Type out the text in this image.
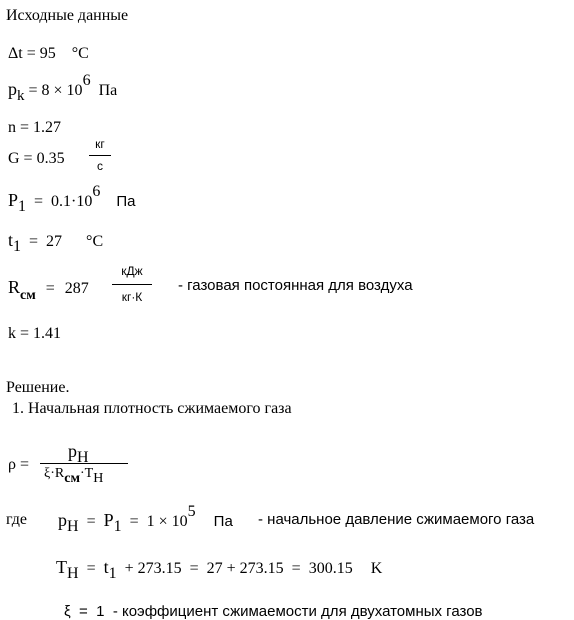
Исходные данные
Δt = 95 °C
$p_k = 8 \times 10^6$ Па
n = 1.27
G = 0.35
кг
с
$P_1 = 0.1\cdot 10^6$ Па
$t_1 = 27$ °C
$R_{см} = 287$
кДж
кг·К
- газовая постоянная для воздуха
k = 1.41
Решение.
1. Начальная плотность сжимаемого газа
ρ =
$p_H$
$\xi\cdot R_{см}\cdot T_H$
где $p_H = P_1 = 1 \times 10^5$ Па - начальное давление сжимаемого газа
$T_H = t_1 + 273.15 = 27 + 273.15 = 300.15$ K
ξ  =  1  - коэффициент сжимаемости для двухатомных газов
